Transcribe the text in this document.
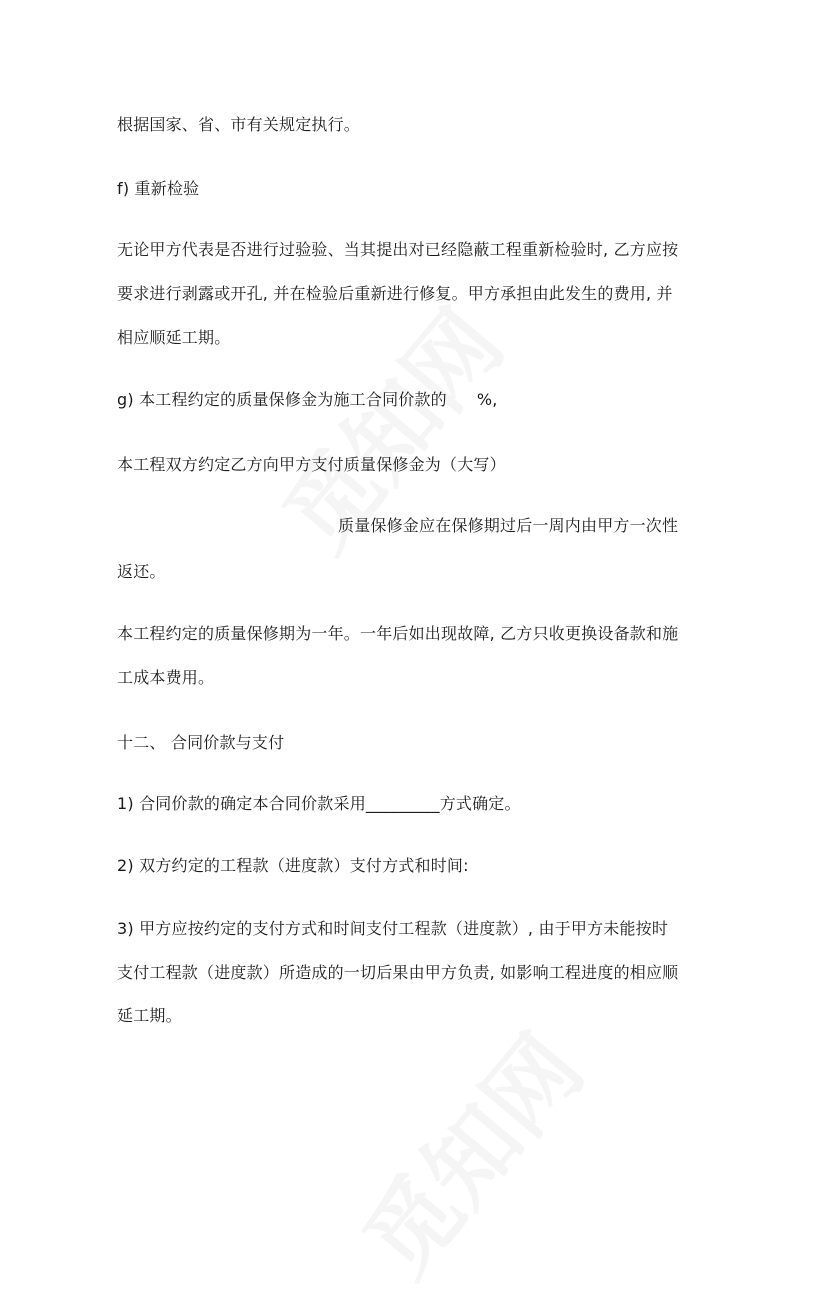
根据国家、省、市有关规定执行。
f) 重新检验
无论甲方代表是否进行过验验、当其提出对已经隐蔽工程重新检验时, 乙方应按
要求进行剥露或开孔, 并在检验后重新进行修复。甲方承担由此发生的费用, 并
相应顺延工期。
g) 本工程约定的质量保修金为施工合同价款的 %,
本工程双方约定乙方向甲方支付质量保修金为（大写）
质量保修金应在保修期过后一周内由甲方一次性
返还。
本工程约定的质量保修期为一年。一年后如出现故障, 乙方只收更换设备款和施
工成本费用。
十二、 合同价款与支付
1) 合同价款的确定本合同价款采用_________方式确定。
2) 双方约定的工程款（进度款）支付方式和时间:
3) 甲方应按约定的支付方式和时间支付工程款（进度款）, 由于甲方未能按时
支付工程款（进度款）所造成的一切后果由甲方负责, 如影响工程进度的相应顺
延工期。
